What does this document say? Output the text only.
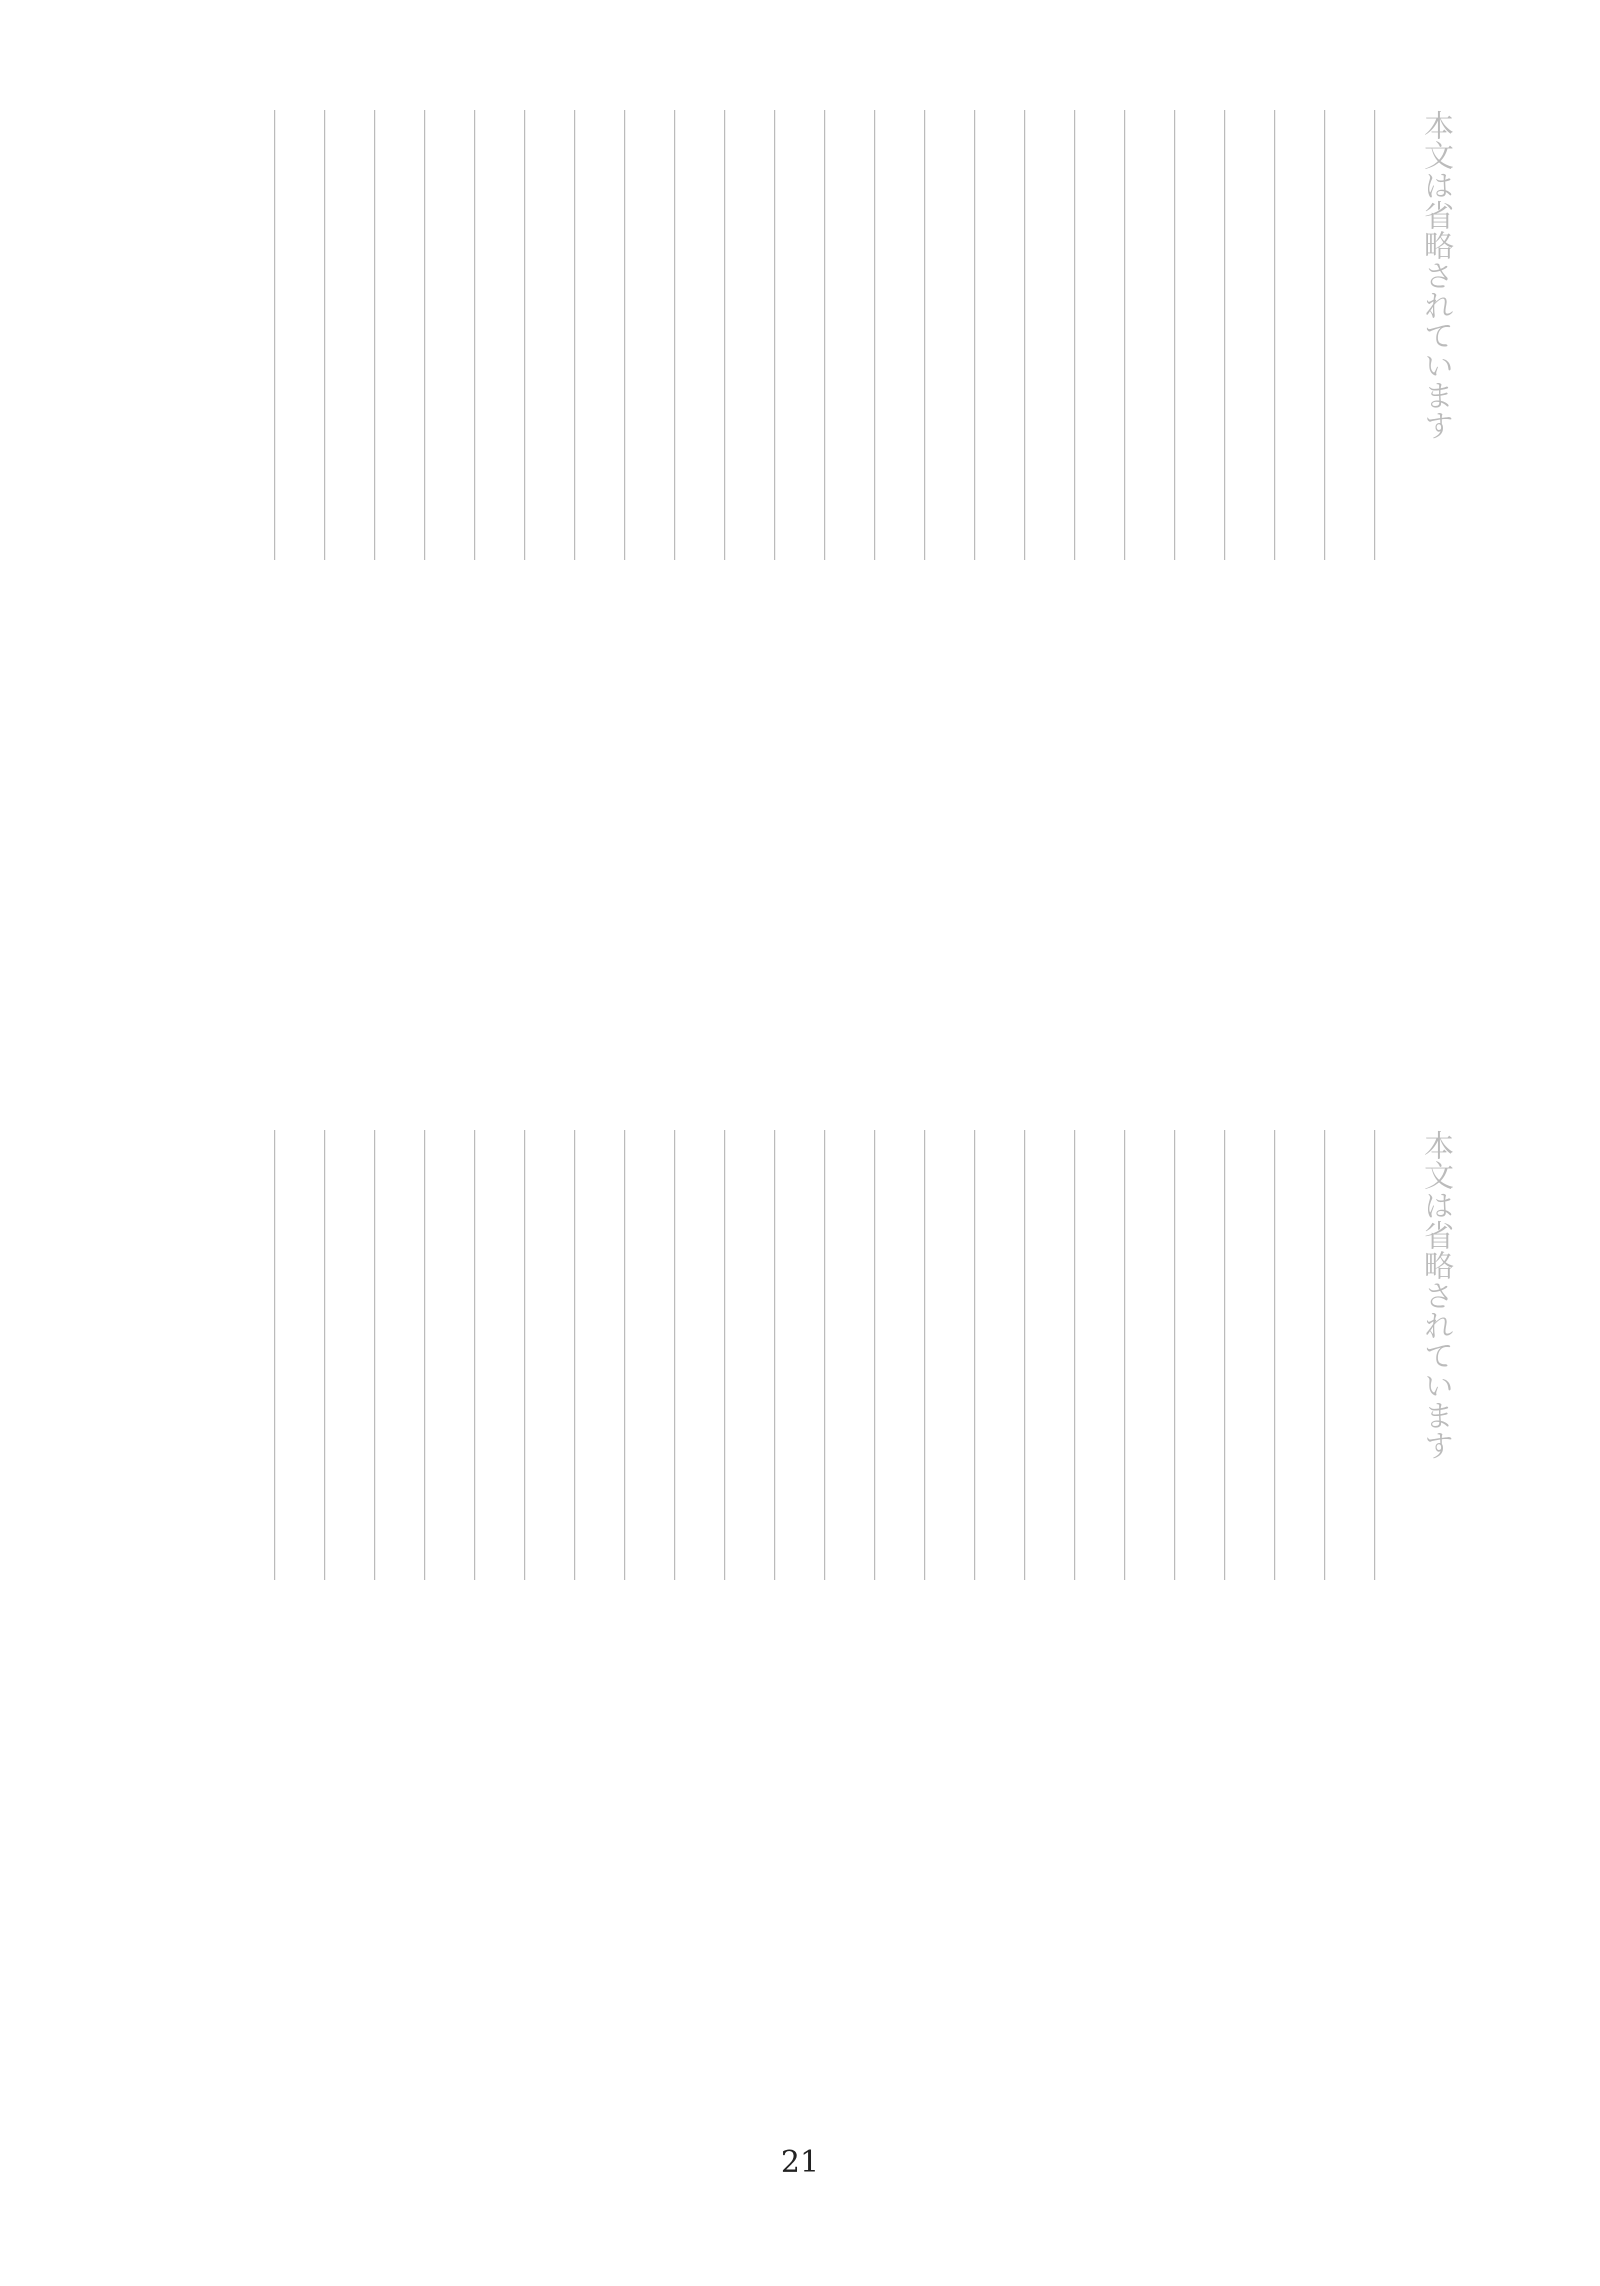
本文は省略されています
＿＿＿＿＿＿＿＿＿＿＿＿＿＿＿
＿＿＿＿＿＿＿＿＿＿＿＿＿＿＿
＿＿＿＿＿＿＿＿＿＿＿＿＿＿＿
＿＿＿＿＿＿＿＿＿＿＿＿＿＿＿
＿＿＿＿＿＿＿＿＿＿＿＿＿＿＿
＿＿＿＿＿＿＿＿＿＿＿＿＿＿＿
＿＿＿＿＿＿＿＿＿＿＿＿＿＿＿
＿＿＿＿＿＿＿＿＿＿＿＿＿＿＿
＿＿＿＿＿＿＿＿＿＿＿＿＿＿＿
＿＿＿＿＿＿＿＿＿＿＿＿＿＿＿
＿＿＿＿＿＿＿＿＿＿＿＿＿＿＿
＿＿＿＿＿＿＿＿＿＿＿＿＿＿＿
＿＿＿＿＿＿＿＿＿＿＿＿＿＿＿
＿＿＿＿＿＿＿＿＿＿＿＿＿＿＿
＿＿＿＿＿＿＿＿＿＿＿＿＿＿＿
＿＿＿＿＿＿＿＿＿＿＿＿＿＿＿
＿＿＿＿＿＿＿＿＿＿＿＿＿＿＿
＿＿＿＿＿＿＿＿＿＿＿＿＿＿＿
＿＿＿＿＿＿＿＿＿＿＿＿＿＿＿
＿＿＿＿＿＿＿＿＿＿＿＿＿＿＿
＿＿＿＿＿＿＿＿＿＿＿＿＿＿＿
＿＿＿＿＿＿＿＿＿＿＿＿＿＿＿
＿＿＿＿＿＿＿＿＿＿＿＿＿＿＿
本文は省略されています
＿＿＿＿＿＿＿＿＿＿＿＿＿＿＿
＿＿＿＿＿＿＿＿＿＿＿＿＿＿＿
＿＿＿＿＿＿＿＿＿＿＿＿＿＿＿
＿＿＿＿＿＿＿＿＿＿＿＿＿＿＿
＿＿＿＿＿＿＿＿＿＿＿＿＿＿＿
＿＿＿＿＿＿＿＿＿＿＿＿＿＿＿
＿＿＿＿＿＿＿＿＿＿＿＿＿＿＿
＿＿＿＿＿＿＿＿＿＿＿＿＿＿＿
＿＿＿＿＿＿＿＿＿＿＿＿＿＿＿
＿＿＿＿＿＿＿＿＿＿＿＿＿＿＿
＿＿＿＿＿＿＿＿＿＿＿＿＿＿＿
＿＿＿＿＿＿＿＿＿＿＿＿＿＿＿
＿＿＿＿＿＿＿＿＿＿＿＿＿＿＿
＿＿＿＿＿＿＿＿＿＿＿＿＿＿＿
＿＿＿＿＿＿＿＿＿＿＿＿＿＿＿
＿＿＿＿＿＿＿＿＿＿＿＿＿＿＿
＿＿＿＿＿＿＿＿＿＿＿＿＿＿＿
＿＿＿＿＿＿＿＿＿＿＿＿＿＿＿
＿＿＿＿＿＿＿＿＿＿＿＿＿＿＿
＿＿＿＿＿＿＿＿＿＿＿＿＿＿＿
＿＿＿＿＿＿＿＿＿＿＿＿＿＿＿
＿＿＿＿＿＿＿＿＿＿＿＿＿＿＿
＿＿＿＿＿＿＿＿＿＿＿＿＿＿＿
21
